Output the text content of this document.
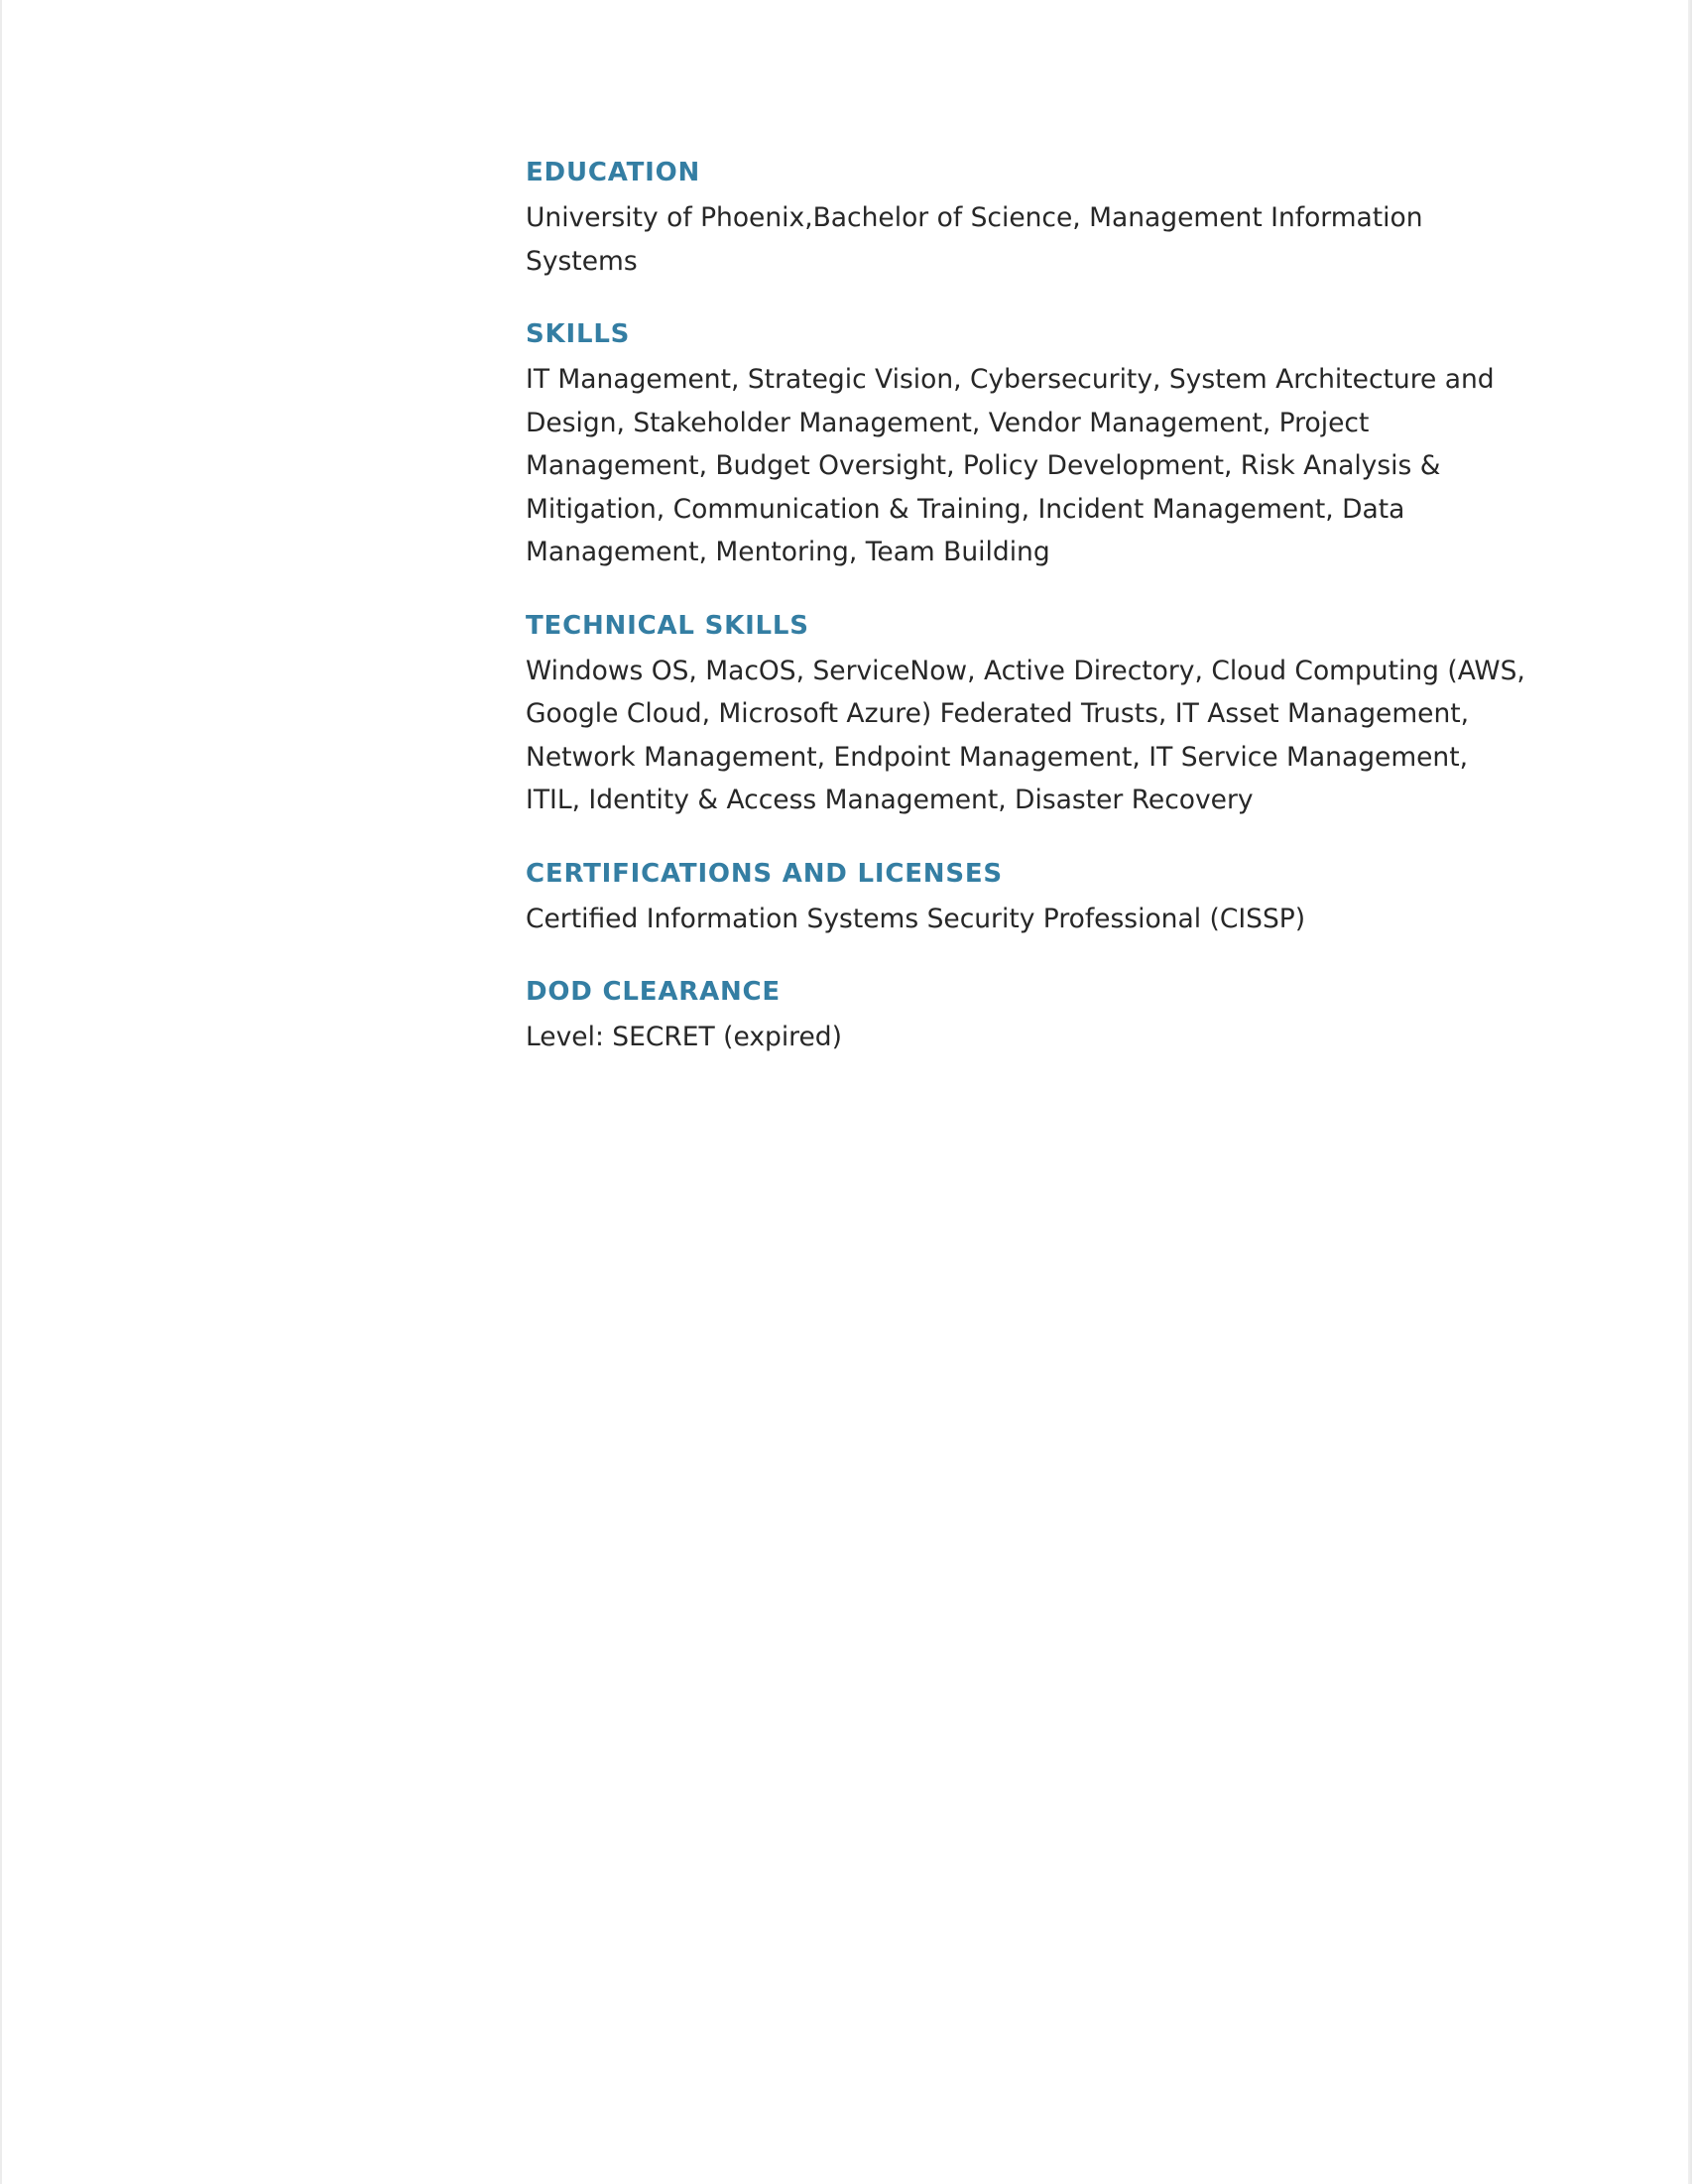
EDUCATION

University of Phoenix,Bachelor of Science, Management Information Systems

SKILLS

IT Management, Strategic Vision, Cybersecurity, System Architecture and Design, Stakeholder Management, Vendor Management, Project Management, Budget Oversight, Policy Development, Risk Analysis & Mitigation, Communication & Training, Incident Management, Data Management, Mentoring, Team Building

TECHNICAL SKILLS

Windows OS, MacOS, ServiceNow, Active Directory, Cloud Computing (AWS, Google Cloud, Microsoft Azure) Federated Trusts, IT Asset Management, Network Management, Endpoint Management, IT Service Management, ITIL, Identity & Access Management, Disaster Recovery

CERTIFICATIONS AND LICENSES

Certified Information Systems Security Professional (CISSP)

DOD CLEARANCE

Level: SECRET (expired)
